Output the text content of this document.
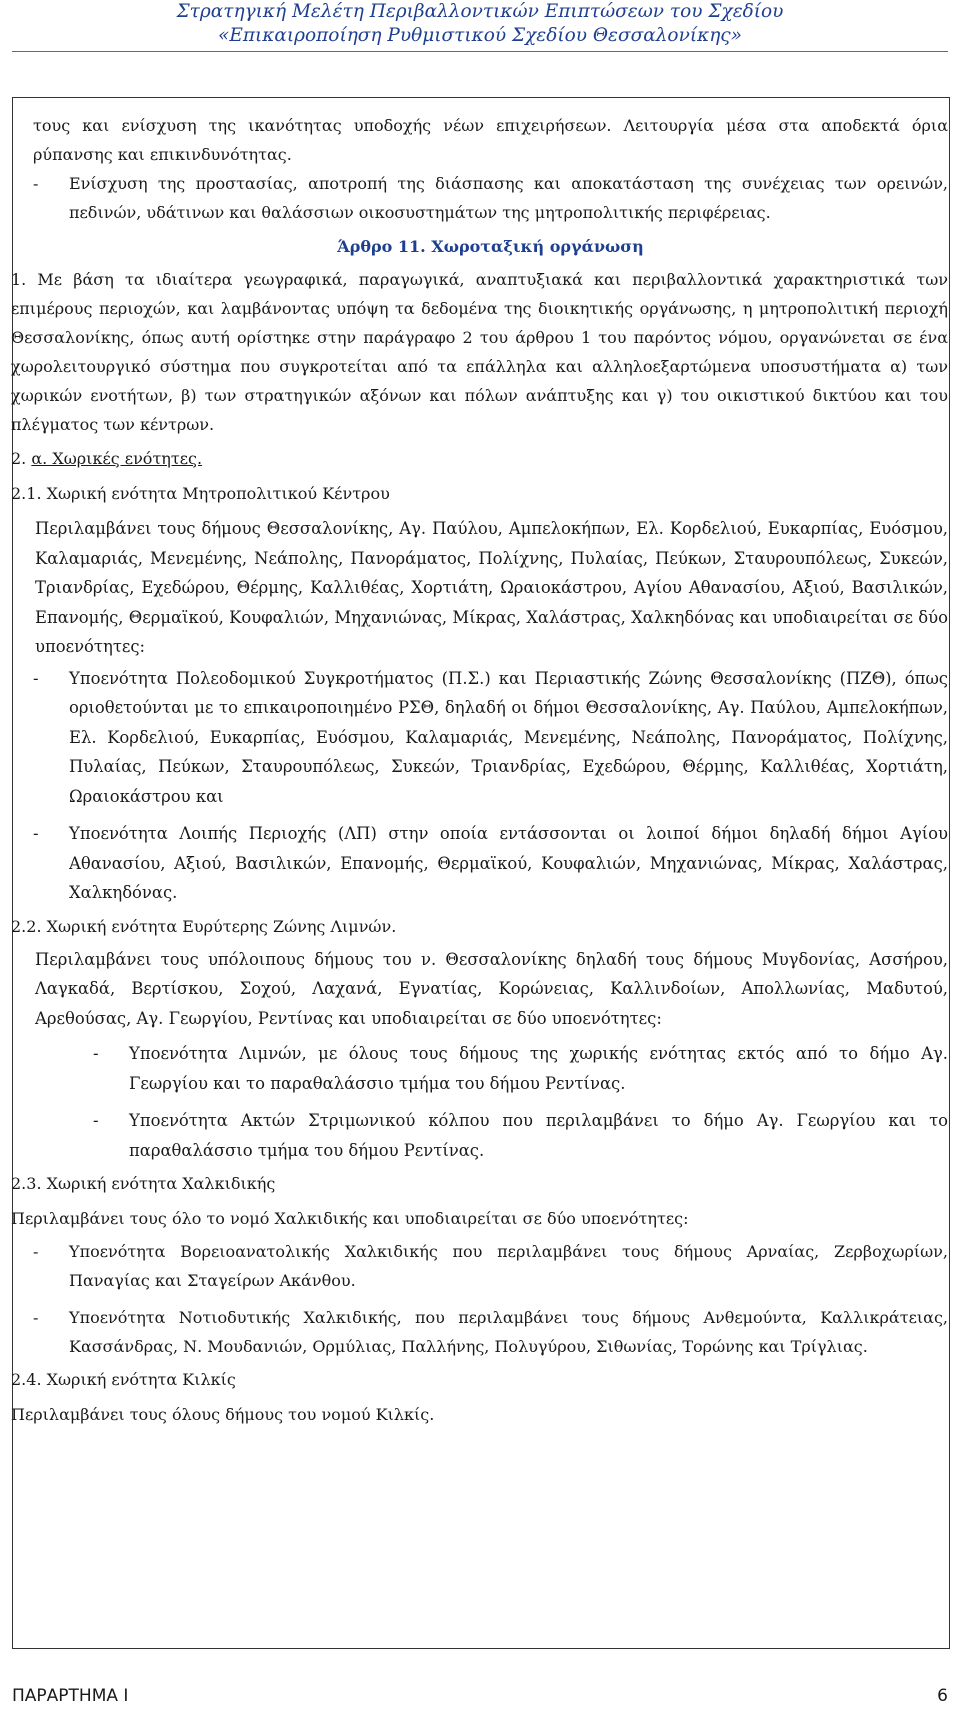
Στρατηγική Μελέτη Περιβαλλοντικών Επιπτώσεων του Σχεδίου
«Επικαιροποίηση Ρυθμιστικού Σχεδίου Θεσσαλονίκης»

τους και ενίσχυση της ικανότητας υποδοχής νέων επιχειρήσεων. Λειτουργία μέσα στα αποδεκτά όρια ρύπανσης και επικινδυνότητας.

-	Ενίσχυση της προστασίας, αποτροπή της διάσπασης και αποκατάσταση της συνέχειας των ορεινών, πεδινών, υδάτινων και θαλάσσιων οικοσυστημάτων της μητροπολιτικής περιφέρειας.
Άρθρο 11. Χωροταξική οργάνωση

1. Με βάση τα ιδιαίτερα γεωγραφικά, παραγωγικά, αναπτυξιακά και περιβαλλοντικά χαρακτηριστικά των επιμέρους περιοχών, και λαμβάνοντας υπόψη τα δεδομένα της διοικητικής οργάνωσης, η μητροπολιτική περιοχή Θεσσαλονίκης, όπως αυτή ορίστηκε στην παράγραφο 2 του άρθρου 1 του παρόντος νόμου, οργανώνεται σε ένα χωρολειτουργικό σύστημα που συγκροτείται από τα επάλληλα και αλληλοεξαρτώμενα υποσυστήματα α) των χωρικών ενοτήτων, β) των στρατηγικών αξόνων και πόλων ανάπτυξης και γ) του οικιστικού δικτύου και του πλέγματος των κέντρων.

2. α. Χωρικές ενότητες.
2.1. Χωρική ενότητα Μητροπολιτικού Κέντρου

Περιλαμβάνει τους δήμους Θεσσαλονίκης, Αγ. Παύλου, Αμπελοκήπων, Ελ. Κορδελιού, Ευκαρπίας, Ευόσμου, Καλαμαριάς, Μενεμένης, Νεάπολης, Πανοράματος, Πολίχνης, Πυλαίας, Πεύκων, Σταυρουπόλεως, Συκεών, Τριανδρίας, Εχεδώρου, Θέρμης, Καλλιθέας, Χορτιάτη, Ωραιοκάστρου, Αγίου Αθανασίου, Αξιού, Βασιλικών, Επανομής, Θερμαϊκού, Κουφαλιών, Μηχανιώνας, Μίκρας, Χαλάστρας, Χαλκηδόνας και υποδιαιρείται σε δύο υποενότητες:

-	Υποενότητα Πολεοδομικού Συγκροτήματος (Π.Σ.) και Περιαστικής Ζώνης Θεσσαλονίκης (ΠΖΘ), όπως οριοθετούνται με το επικαιροποιημένο ΡΣΘ, δηλαδή οι δήμοι Θεσσαλονίκης, Αγ. Παύλου, Αμπελοκήπων, Ελ. Κορδελιού, Ευκαρπίας, Ευόσμου, Καλαμαριάς, Μενεμένης, Νεάπολης, Πανοράματος, Πολίχνης, Πυλαίας, Πεύκων, Σταυρουπόλεως, Συκεών, Τριανδρίας, Εχεδώρου, Θέρμης, Καλλιθέας, Χορτιάτη, Ωραιοκάστρου και
-	Υποενότητα Λοιπής Περιοχής (ΛΠ) στην οποία εντάσσονται οι λοιποί δήμοι δηλαδή δήμοι Αγίου Αθανασίου, Αξιού, Βασιλικών, Επανομής, Θερμαϊκού, Κουφαλιών, Μηχανιώνας, Μίκρας, Χαλάστρας, Χαλκηδόνας.
2.2. Χωρική ενότητα Ευρύτερης Ζώνης Λιμνών.

Περιλαμβάνει τους υπόλοιπους δήμους του ν. Θεσσαλονίκης δηλαδή τους δήμους Μυγδονίας, Ασσήρου, Λαγκαδά, Βερτίσκου, Σοχού, Λαχανά, Εγνατίας, Κορώνειας, Καλλινδοίων, Απολλωνίας, Μαδυτού, Αρεθούσας, Αγ. Γεωργίου, Ρεντίνας και υποδιαιρείται σε δύο υποενότητες:

-	Υποενότητα Λιμνών, με όλους τους δήμους της χωρικής ενότητας εκτός από το δήμο Αγ. Γεωργίου και το παραθαλάσσιο τμήμα του δήμου Ρεντίνας.
-	Υποενότητα Ακτών Στριμωνικού κόλπου που περιλαμβάνει το δήμο Αγ. Γεωργίου και το παραθαλάσσιο τμήμα του δήμου Ρεντίνας.
2.3. Χωρική ενότητα Χαλκιδικής

Περιλαμβάνει τους όλο το νομό Χαλκιδικής και υποδιαιρείται σε δύο υποενότητες:

-	Υποενότητα Βορειοανατολικής Χαλκιδικής που περιλαμβάνει τους δήμους Αρναίας, Ζερβοχωρίων, Παναγίας και Σταγείρων Ακάνθου.
-	Υποενότητα Νοτιοδυτικής Χαλκιδικής, που περιλαμβάνει τους δήμους Ανθεμούντα, Καλλικράτειας, Κασσάνδρας, Ν. Μουδανιών, Ορμύλιας, Παλλήνης, Πολυγύρου, Σιθωνίας, Τορώνης και Τρίγλιας.
2.4. Χωρική ενότητα Κιλκίς

Περιλαμβάνει τους όλους δήμους του νομού Κιλκίς.

ΠΑΡΑΡΤΗΜΑ Ι	6
